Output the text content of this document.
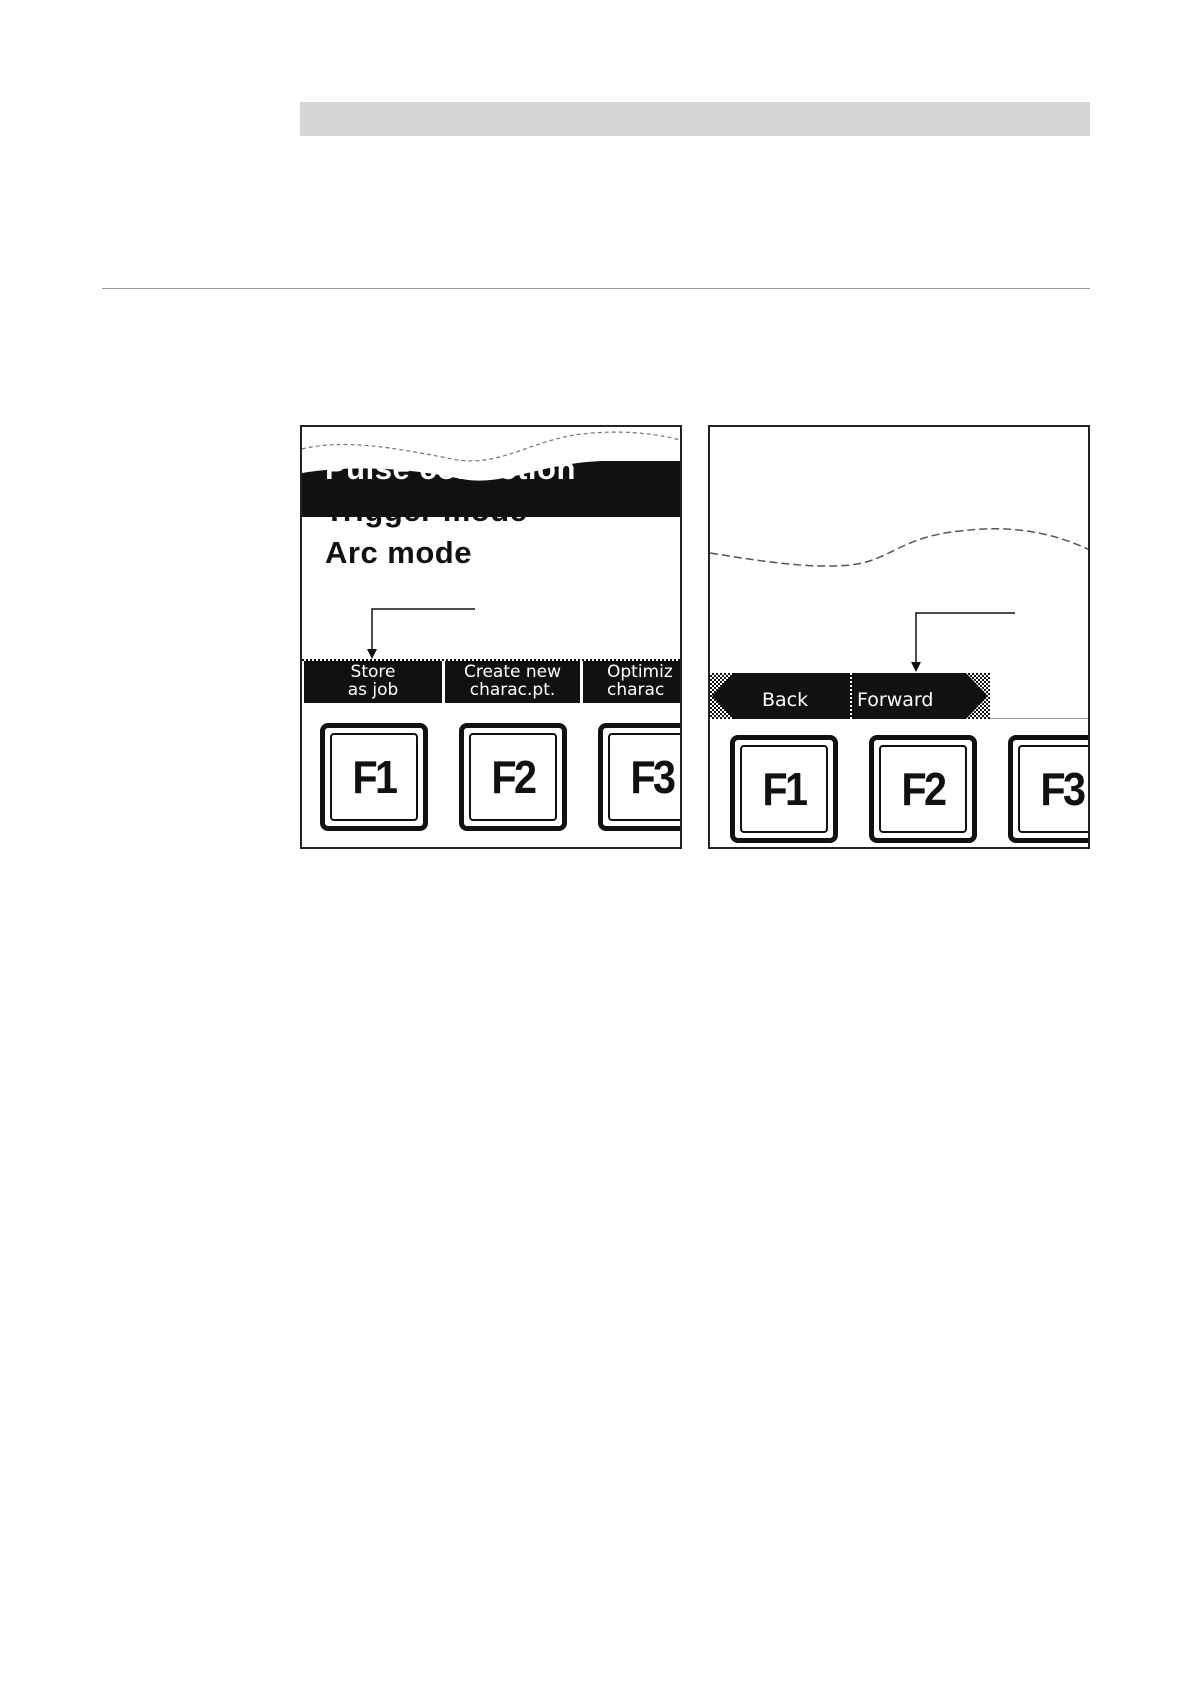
Pulse correction
Trigger mode
Arc mode
Store
as job
Create new
charac.pt.
Optimiz
charac
F1 F2 F3
Back	Forward
F1 F2 F3
